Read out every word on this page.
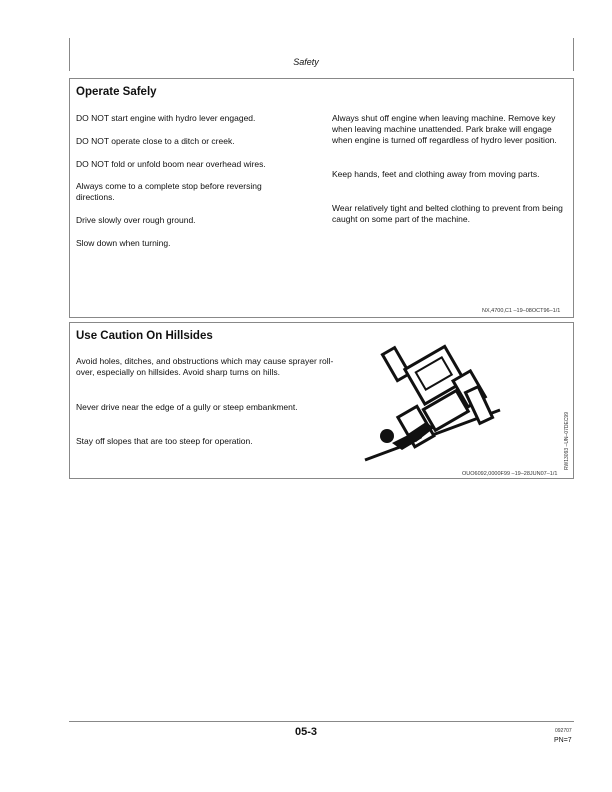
Safety
Operate Safely

DO NOT start engine with hydro lever engaged.

DO NOT operate close to a ditch or creek.

DO NOT fold or unfold boom near overhead wires.

Always come to a complete stop before reversing directions.

Drive slowly over rough ground.

Slow down when turning.

Always shut off engine when leaving machine. Remove key when leaving machine unattended. Park brake will engage when engine is turned off regardless of hydro lever position.

Keep hands, feet and clothing away from moving parts.

Wear relatively tight and belted clothing to prevent from being caught on some part of the machine.

NX,4700,C1 –19–08OCT96–1/1
Use Caution On Hillsides

Avoid holes, ditches, and obstructions which may cause sprayer roll-over, especially on hillsides. Avoid sharp turns on hills.

Never drive near the edge of a gully or steep embankment.

Stay off slopes that are too steep for operation.	RW13093 –UN–07DEC99
OUO6092,0000F99 –19–28JUN07–1/1
05-3	092707
PN=7
